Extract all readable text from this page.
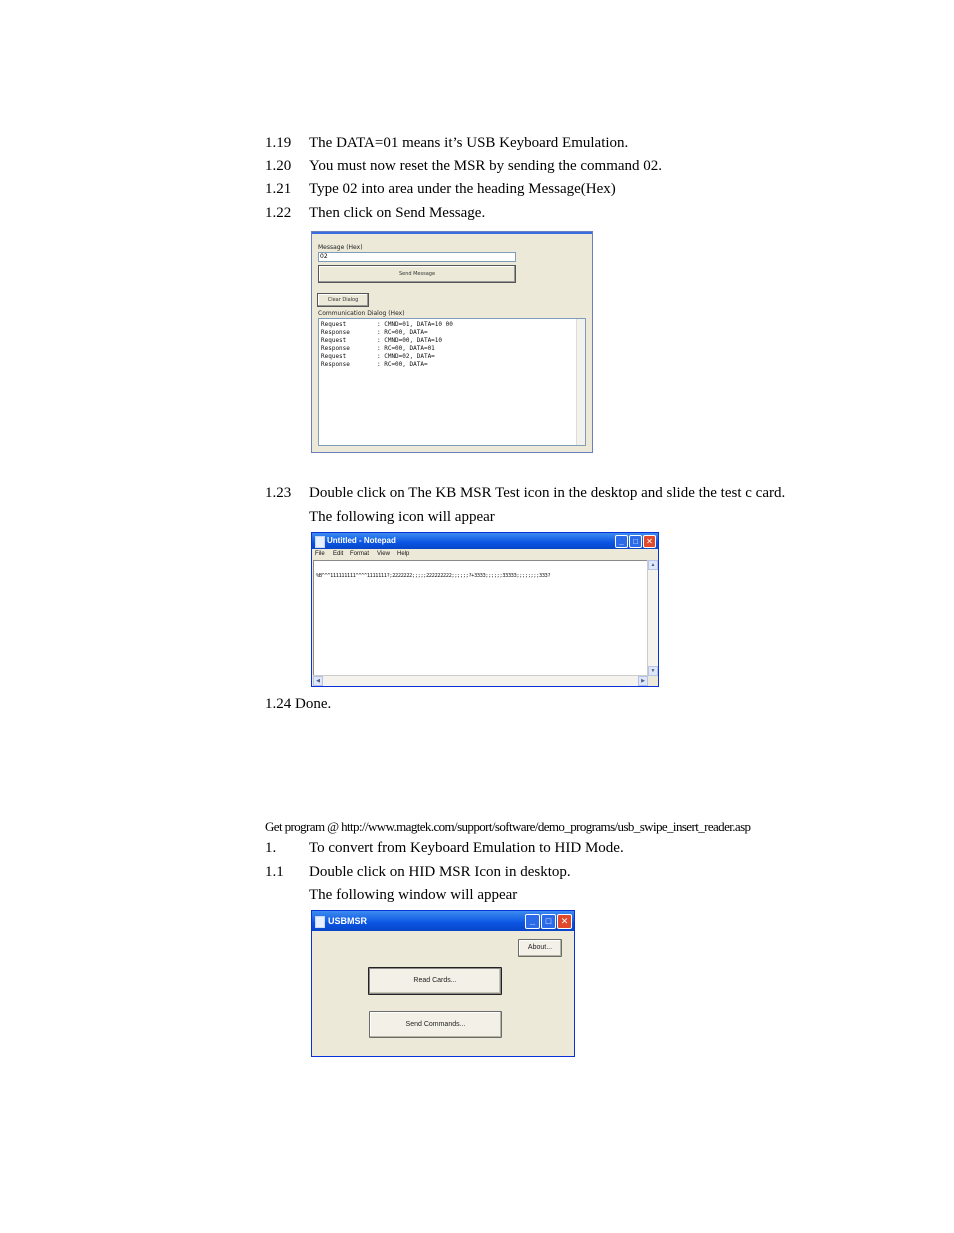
1.19 The DATA=01 means it’s USB Keyboard Emulation.
1.20 You must now reset the MSR by sending the command 02.
1.21 Type 02 into area under the heading Message(Hex)
1.22 Then click on Send Message.
Message (Hex)
02
Send Message
Clear Dialog
Communication Dialog (Hex)
Request	: CMND=01, DATA=10 00
Response	: RC=00, DATA=
Request	: CMND=00, DATA=10
Response	: RC=00, DATA=01
Request	: CMND=02, DATA=
Response	: RC=00, DATA=
1.23 Double click on The KB MSR Test icon in the desktop and slide the test c card.
The following icon will appear
Untitled - Notepad	_	□	✕
File Edit Format View Help
%B^^^111111111^^^^1111111?;2222222;;;;;222222222;;;;;;?+3333;;;;;;33333;;;;;;;;333?
▲
▼
◀	▶
1.24 Done.
Get program @ http://www.magtek.com/support/software/demo_programs/usb_swipe_insert_reader.asp
1. To convert from Keyboard Emulation to HID Mode.
1.1 Double click on HID MSR Icon in desktop.
The following window will appear
USBMSR	_	□	✕
About...
Read Cards...
Send Commands...
